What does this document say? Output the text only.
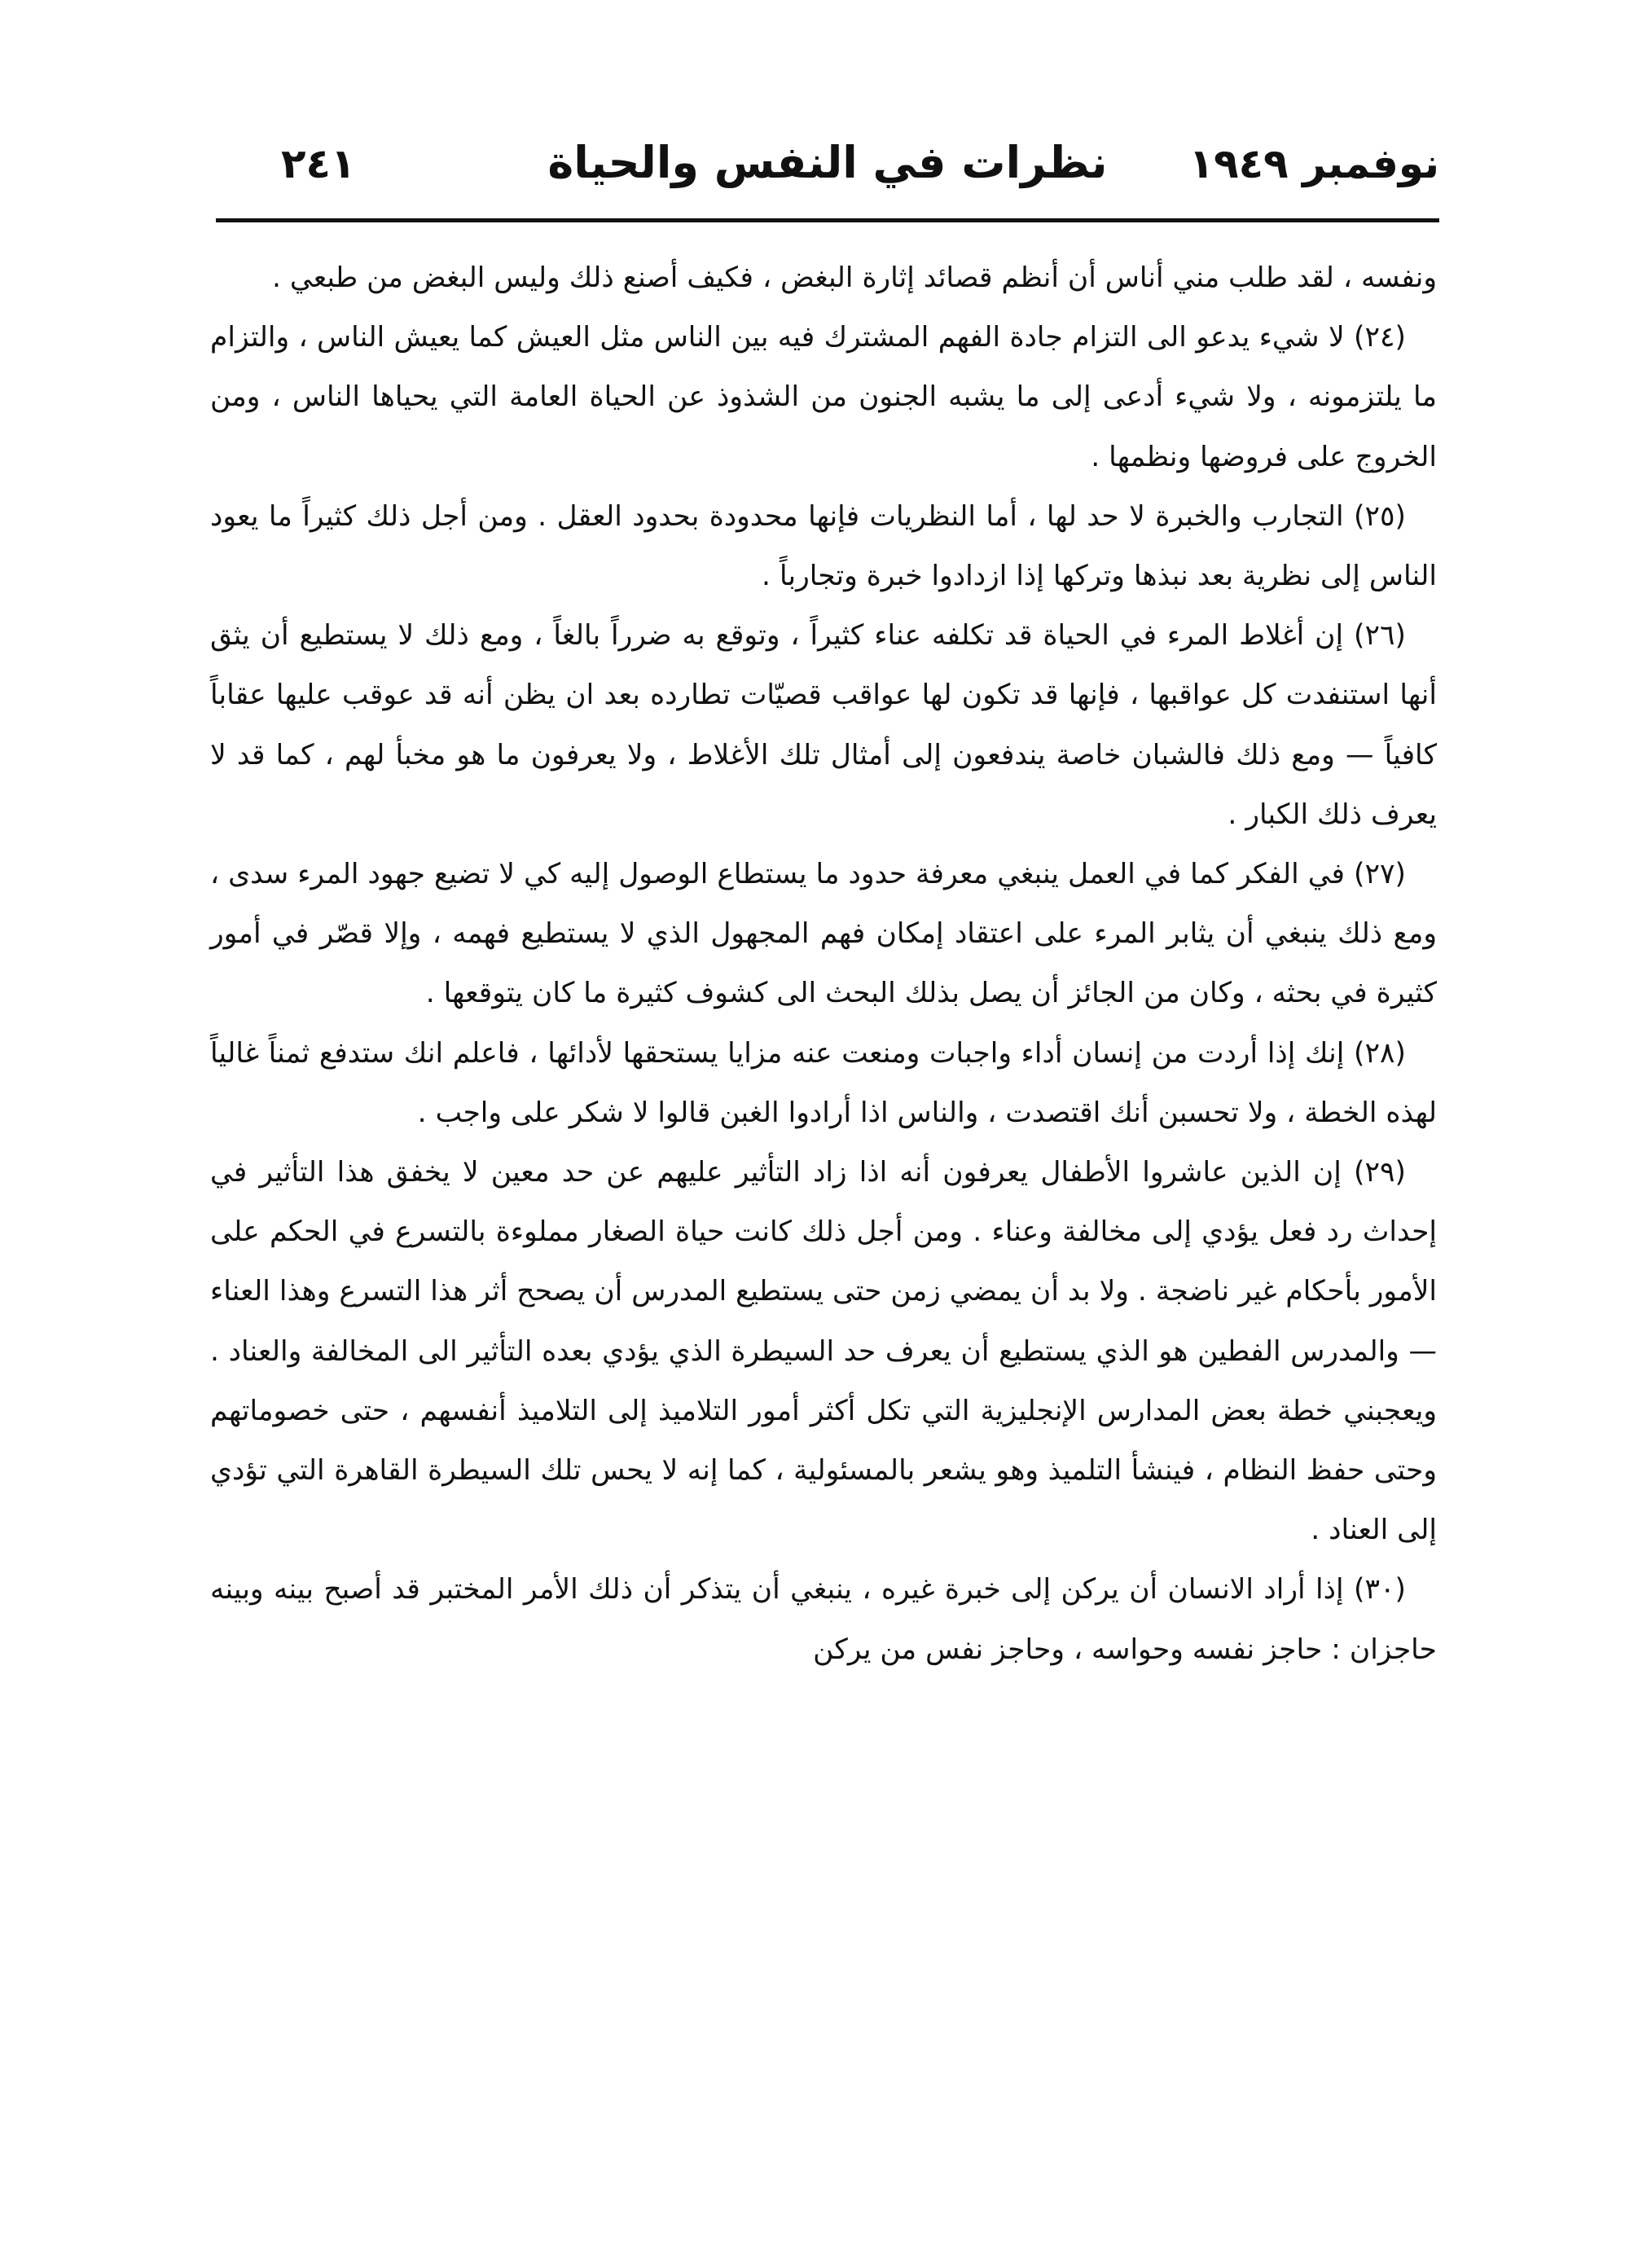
٢٤١	نظرات في النفس والحياة نوفمبر ١٩٤٩

ونفسه ، لقد طلب مني أناس أن أنظم قصائد إثارة البغض ، فكيف أصنع ذلك وليس البغض من طبعي .

(٢٤) لا شيء يدعو الى التزام جادة الفهم المشترك فيه بين الناس مثل العيش كما يعيش الناس ، والتزام ما يلتزمونه ، ولا شيء أدعى إلى ما يشبه الجنون من الشذوذ عن الحياة العامة التي يحياها الناس ، ومن الخروج على فروضها ونظمها .

(٢٥) التجارب والخبرة لا حد لها ، أما النظريات فإنها محدودة بحدود العقل . ومن أجل ذلك كثيراً ما يعود الناس إلى نظرية بعد نبذها وتركها إذا ازدادوا خبرة وتجارباً .

(٢٦) إن أغلاط المرء في الحياة قد تكلفه عناء كثيراً ، وتوقع به ضرراً بالغاً ، ومع ذلك لا يستطيع أن يثق أنها استنفدت كل عواقبها ، فإنها قد تكون لها عواقب قصيّات تطارده بعد ان يظن أنه قد عوقب عليها عقاباً كافياً — ومع ذلك فالشبان خاصة يندفعون إلى أمثال تلك الأغلاط ، ولا يعرفون ما هو مخبأ لهم ، كما قد لا يعرف ذلك الكبار .

(٢٧) في الفكر كما في العمل ينبغي معرفة حدود ما يستطاع الوصول إليه كي لا تضيع جهود المرء سدى ، ومع ذلك ينبغي أن يثابر المرء على اعتقاد إمكان فهم المجهول الذي لا يستطيع فهمه ، وإلا قصّر في أمور كثيرة في بحثه ، وكان من الجائز أن يصل بذلك البحث الى كشوف كثيرة ما كان يتوقعها .

(٢٨) إنك إذا أردت من إنسان أداء واجبات ومنعت عنه مزايا يستحقها لأدائها ، فاعلم انك ستدفع ثمناً غالياً لهذه الخطة ، ولا تحسبن أنك اقتصدت ، والناس اذا أرادوا الغبن قالوا لا شكر على واجب .

(٢٩) إن الذين عاشروا الأطفال يعرفون أنه اذا زاد التأثير عليهم عن حد معين لا يخفق هذا التأثير في إحداث رد فعل يؤدي إلى مخالفة وعناء . ومن أجل ذلك كانت حياة الصغار مملوءة بالتسرع في الحكم على الأمور بأحكام غير ناضجة . ولا بد أن يمضي زمن حتى يستطيع المدرس أن يصحح أثر هذا التسرع وهذا العناء — والمدرس الفطين هو الذي يستطيع أن يعرف حد السيطرة الذي يؤدي بعده التأثير الى المخالفة والعناد . ويعجبني خطة بعض المدارس الإنجليزية التي تكل أكثر أمور التلاميذ إلى التلاميذ أنفسهم ، حتى خصوماتهم وحتى حفظ النظام ، فينشأ التلميذ وهو يشعر بالمسئولية ، كما إنه لا يحس تلك السيطرة القاهرة التي تؤدي إلى العناد .

(٣٠) إذا أراد الانسان أن يركن إلى خبرة غيره ، ينبغي أن يتذكر أن ذلك الأمر المختبر قد أصبح بينه وبينه حاجزان : حاجز نفسه وحواسه ، وحاجز نفس من يركن
